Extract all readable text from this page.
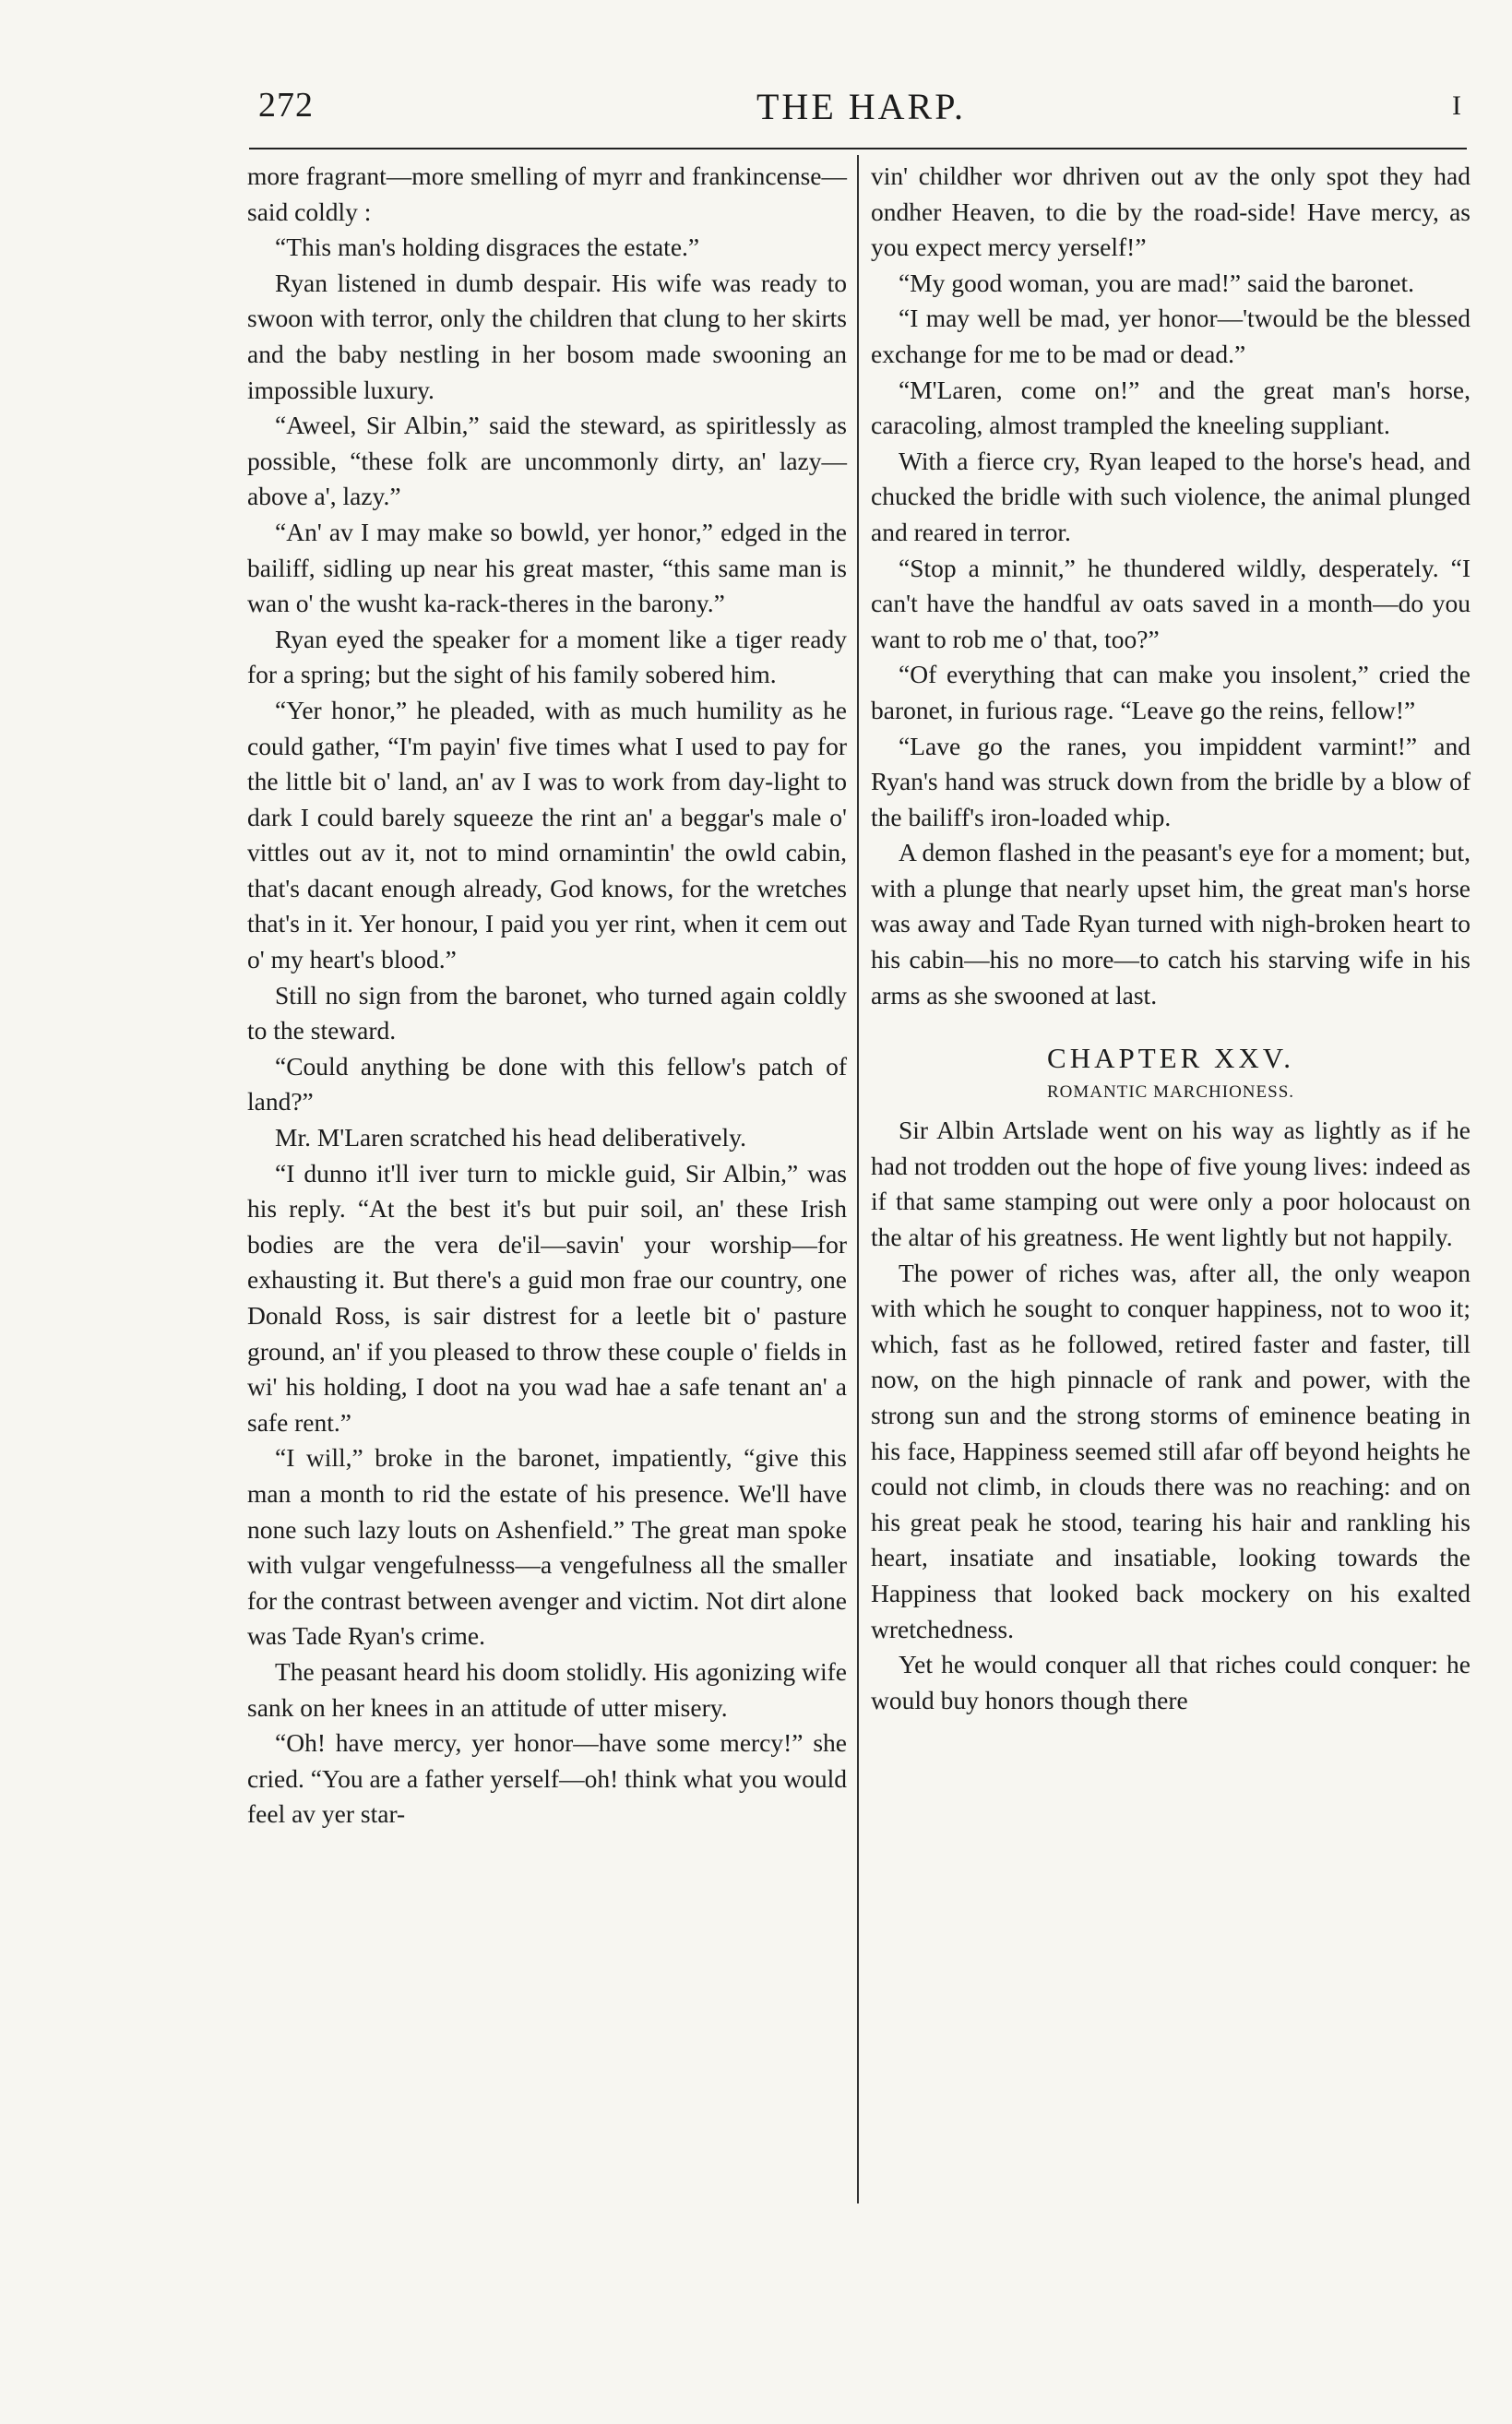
272	THE HARP.	I

more fragrant—more smelling of myrr and frankincense—said coldly :

“This man's holding disgraces the estate.”

Ryan listened in dumb despair. His wife was ready to swoon with terror, only the children that clung to her skirts and the baby nestling in her bosom made swooning an impossible luxury.

“Aweel, Sir Albin,” said the steward, as spiritlessly as possible, “these folk are uncommonly dirty, an' lazy—above a', lazy.”

“An' av I may make so bowld, yer honor,” edged in the bailiff, sidling up near his great master, “this same man is wan o' the wusht ka-rack-theres in the barony.”

Ryan eyed the speaker for a moment like a tiger ready for a spring; but the sight of his family sobered him.

“Yer honor,” he pleaded, with as much humility as he could gather, “I'm payin' five times what I used to pay for the little bit o' land, an' av I was to work from day-light to dark I could barely squeeze the rint an' a beggar's male o' vittles out av it, not to mind ornamintin' the owld cabin, that's dacant enough already, God knows, for the wretches that's in it. Yer honour, I paid you yer rint, when it cem out o' my heart's blood.”

Still no sign from the baronet, who turned again coldly to the steward.

“Could anything be done with this fellow's patch of land?”

Mr. M'Laren scratched his head deliberatively.

“I dunno it'll iver turn to mickle guid, Sir Albin,” was his reply. “At the best it's but puir soil, an' these Irish bodies are the vera de'il—savin' your worship—for exhausting it. But there's a guid mon frae our country, one Donald Ross, is sair distrest for a leetle bit o' pasture ground, an' if you pleased to throw these couple o' fields in wi' his holding, I doot na you wad hae a safe tenant an' a safe rent.”

“I will,” broke in the baronet, impatiently, “give this man a month to rid the estate of his presence. We'll have none such lazy louts on Ashenfield.” The great man spoke with vulgar vengefulnesss—a vengefulness all the smaller for the contrast between avenger and victim. Not dirt alone was Tade Ryan's crime.

The peasant heard his doom stolidly. His agonizing wife sank on her knees in an attitude of utter misery.

“Oh! have mercy, yer honor—have some mercy!” she cried. “You are a father yerself—oh! think what you would feel av yer star-

vin' childher wor dhriven out av the only spot they had ondher Heaven, to die by the road-side! Have mercy, as you expect mercy yerself!”

“My good woman, you are mad!” said the baronet.

“I may well be mad, yer honor—'twould be the blessed exchange for me to be mad or dead.”

“M'Laren, come on!” and the great man's horse, caracoling, almost trampled the kneeling suppliant.

With a fierce cry, Ryan leaped to the horse's head, and chucked the bridle with such violence, the animal plunged and reared in terror.

“Stop a minnit,” he thundered wildly, desperately. “I can't have the handful av oats saved in a month—do you want to rob me o' that, too?”

“Of everything that can make you insolent,” cried the baronet, in furious rage. “Leave go the reins, fellow!”

“Lave go the ranes, you impiddent varmint!” and Ryan's hand was struck down from the bridle by a blow of the bailiff's iron-loaded whip.

A demon flashed in the peasant's eye for a moment; but, with a plunge that nearly upset him, the great man's horse was away and Tade Ryan turned with nigh-broken heart to his cabin—his no more—to catch his starving wife in his arms as she swooned at last.

CHAPTER XXV.
ROMANTIC MARCHIONESS.

Sir Albin Artslade went on his way as lightly as if he had not trodden out the hope of five young lives: indeed as if that same stamping out were only a poor holocaust on the altar of his greatness. He went lightly but not happily.

The power of riches was, after all, the only weapon with which he sought to conquer happiness, not to woo it; which, fast as he followed, retired faster and faster, till now, on the high pinnacle of rank and power, with the strong sun and the strong storms of eminence beating in his face, Happiness seemed still afar off beyond heights he could not climb, in clouds there was no reaching: and on his great peak he stood, tearing his hair and rankling his heart, insatiate and insatiable, looking towards the Happiness that looked back mockery on his exalted wretchedness.

Yet he would conquer all that riches could conquer: he would buy honors though there
